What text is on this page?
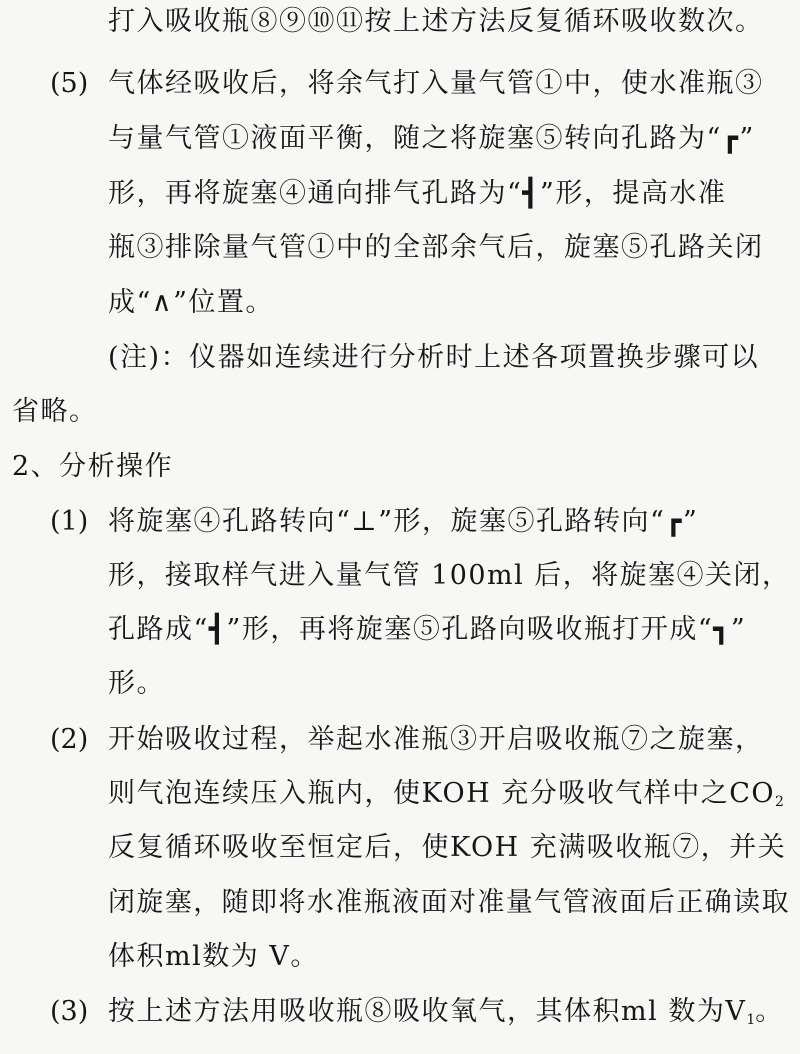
打入吸收瓶⑧⑨⑩⑪按上述方法反复循环吸收数次。
(5) 气体经吸收后，将余气打入量气管①中，使水准瓶③
与量气管①液面平衡，随之将旋塞⑤转向孔路为“┏”
形，再将旋塞④通向排气孔路为“┫”形，提高水准
瓶③排除量气管①中的全部余气后，旋塞⑤孔路关闭
成“∧”位置。
(注)：仪器如连续进行分析时上述各项置换步骤可以
省略。
2、分析操作
(1) 将旋塞④孔路转向“⊥”形，旋塞⑤孔路转向“┏”
形，接取样气进入量气管 100ml 后，将旋塞④关闭，
孔路成“┫”形，再将旋塞⑤孔路向吸收瓶打开成“┓”
形。
(2) 开始吸收过程，举起水准瓶③开启吸收瓶⑦之旋塞，
则气泡连续压入瓶内，使KOH 充分吸收气样中之$CO_2$
反复循环吸收至恒定后，使KOH 充满吸收瓶⑦，并关
闭旋塞，随即将水准瓶液面对准量气管液面后正确读取
体积ml数为 V。
(3) 按上述方法用吸收瓶⑧吸收氧气，其体积ml 数为$V_1$。
